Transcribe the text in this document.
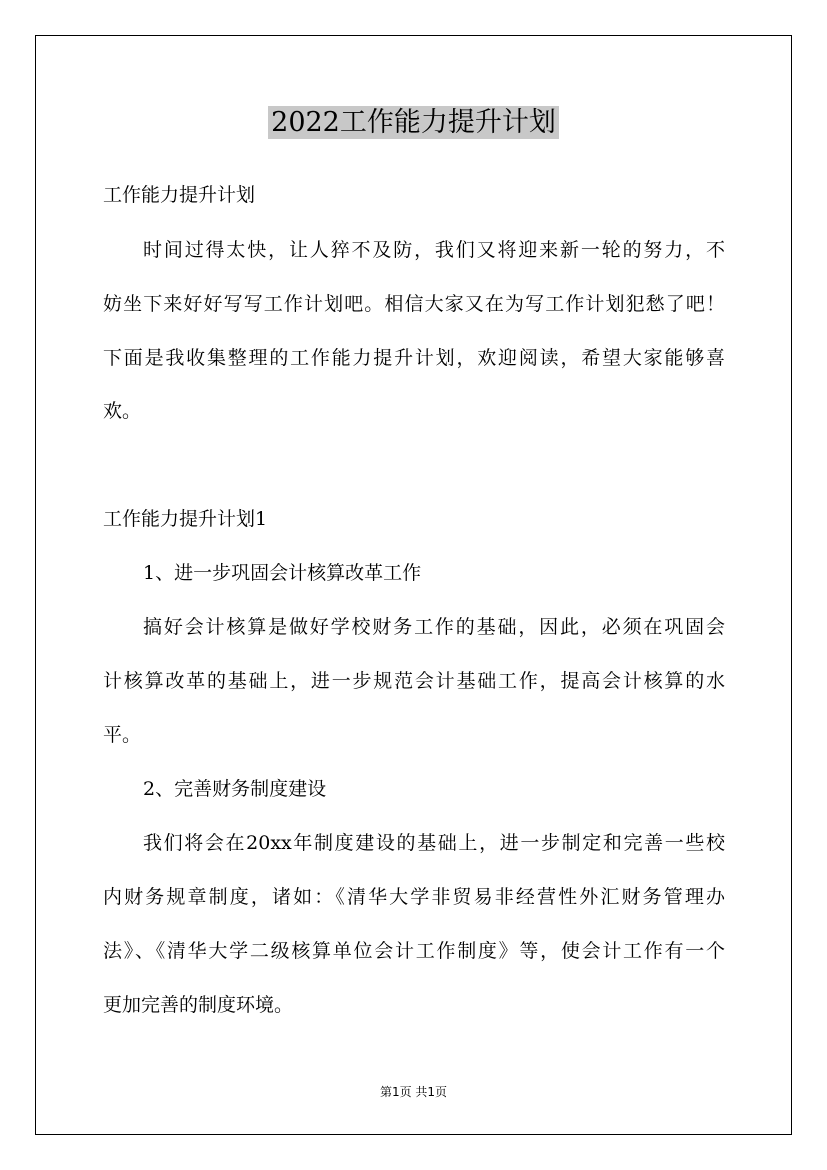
2022工作能力提升计划
工作能力提升计划
时间过得太快，让人猝不及防，我们又将迎来新一轮的努力，不
妨坐下来好好写写工作计划吧。相信大家又在为写工作计划犯愁了吧！
下面是我收集整理的工作能力提升计划，欢迎阅读，希望大家能够喜
欢。
工作能力提升计划1
1、进一步巩固会计核算改革工作
搞好会计核算是做好学校财务工作的基础，因此，必须在巩固会
计核算改革的基础上，进一步规范会计基础工作，提高会计核算的水
平。
2、完善财务制度建设
我们将会在20xx年制度建设的基础上，进一步制定和完善一些校
内财务规章制度，诸如：《清华大学非贸易非经营性外汇财务管理办
法》、《清华大学二级核算单位会计工作制度》等，使会计工作有一个
更加完善的制度环境。
第1页 共1页
